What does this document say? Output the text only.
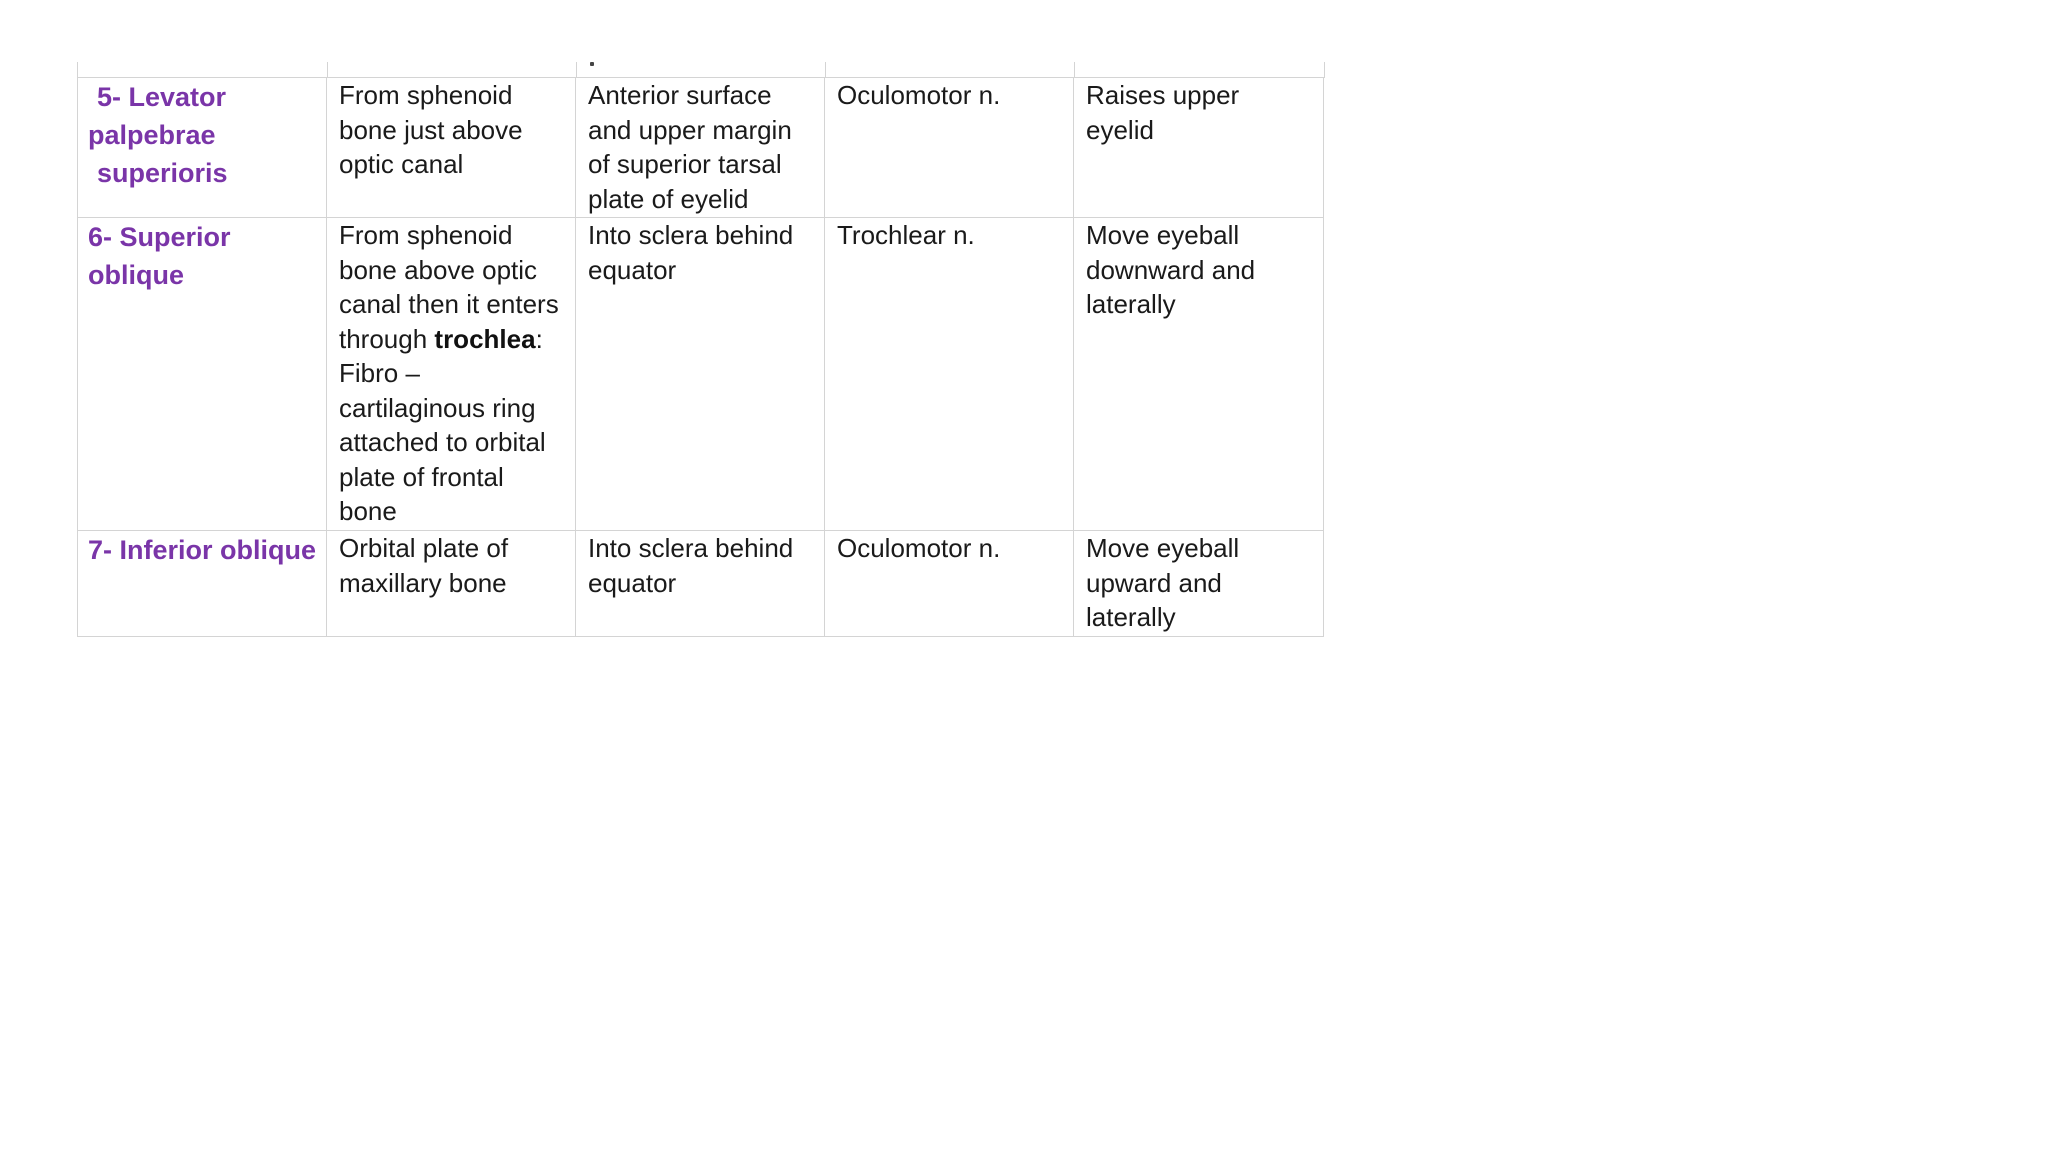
5- Levator
palpebrae
superioris	From sphenoid bone just above optic canal	Anterior surface and upper margin of superior tarsal plate of eyelid	Oculomotor n.	Raises upper eyelid
6- Superior oblique	From sphenoid bone above optic canal then it enters through trochlea: Fibro – cartilaginous ring attached to orbital plate of frontal bone	Into sclera behind equator	Trochlear n.	Move eyeball downward and laterally
7- Inferior oblique	Orbital plate of maxillary bone	Into sclera behind equator	Oculomotor n.	Move eyeball upward and laterally
